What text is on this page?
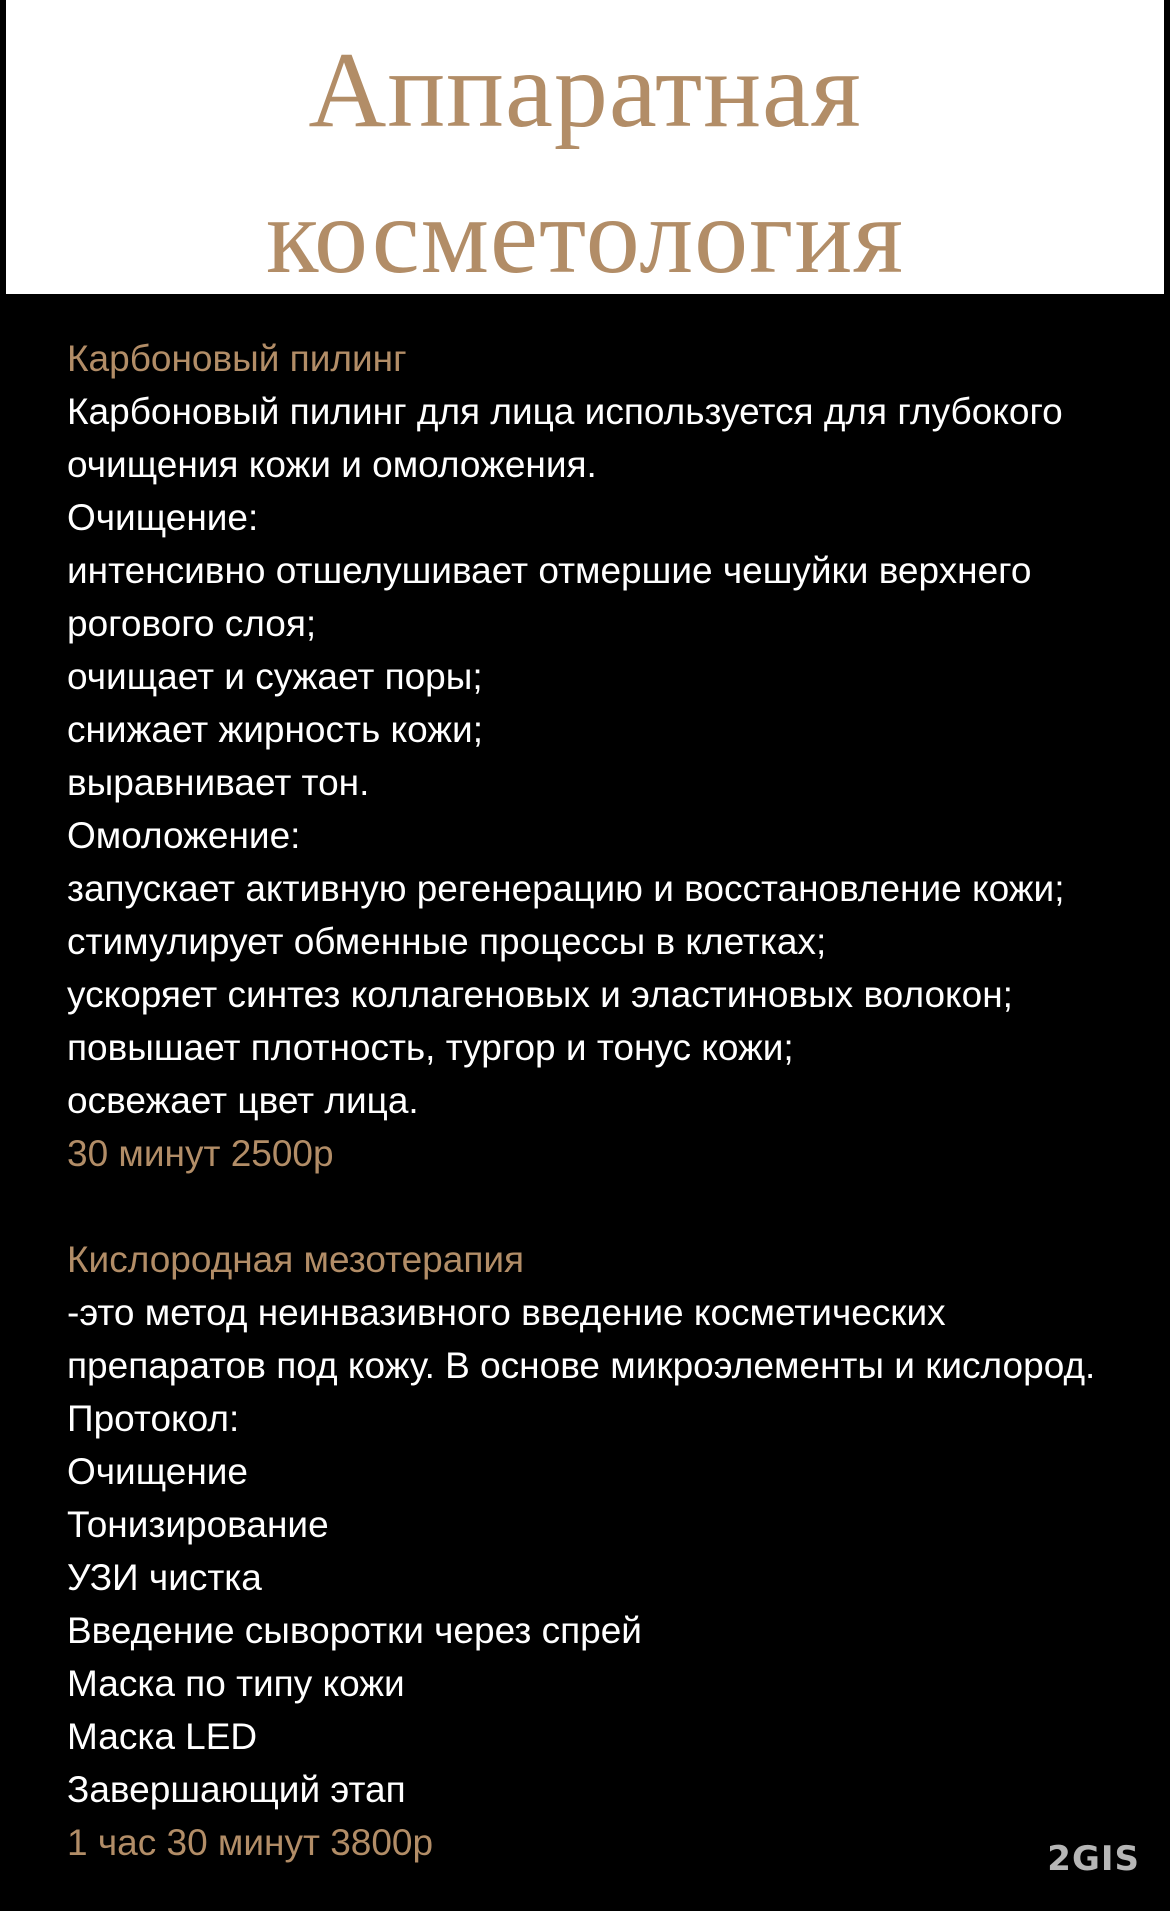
Аппаратная
косметология
Карбоновый пилинг
Карбоновый пилинг для лица используется для глубокого
очищения кожи и омоложения.
Очищение:
интенсивно отшелушивает отмершие чешуйки верхнего
рогового слоя;
очищает и сужает поры;
снижает жирность кожи;
выравнивает тон.
Омоложение:
запускает активную регенерацию и восстановление кожи;
стимулирует обменные процессы в клетках;
ускоряет синтез коллагеновых и эластиновых волокон;
повышает плотность, тургор и тонус кожи;
освежает цвет лица.
30 минут 2500р
Кислородная мезотерапия
-это метод неинвазивного введение косметических
препаратов под кожу. В основе микроэлементы и кислород.
Протокол:
Очищение
Тонизирование
УЗИ чистка
Введение сыворотки через спрей
Маска по типу кожи
Маска LED
Завершающий этап
1 час 30 минут 3800р	2GIS
